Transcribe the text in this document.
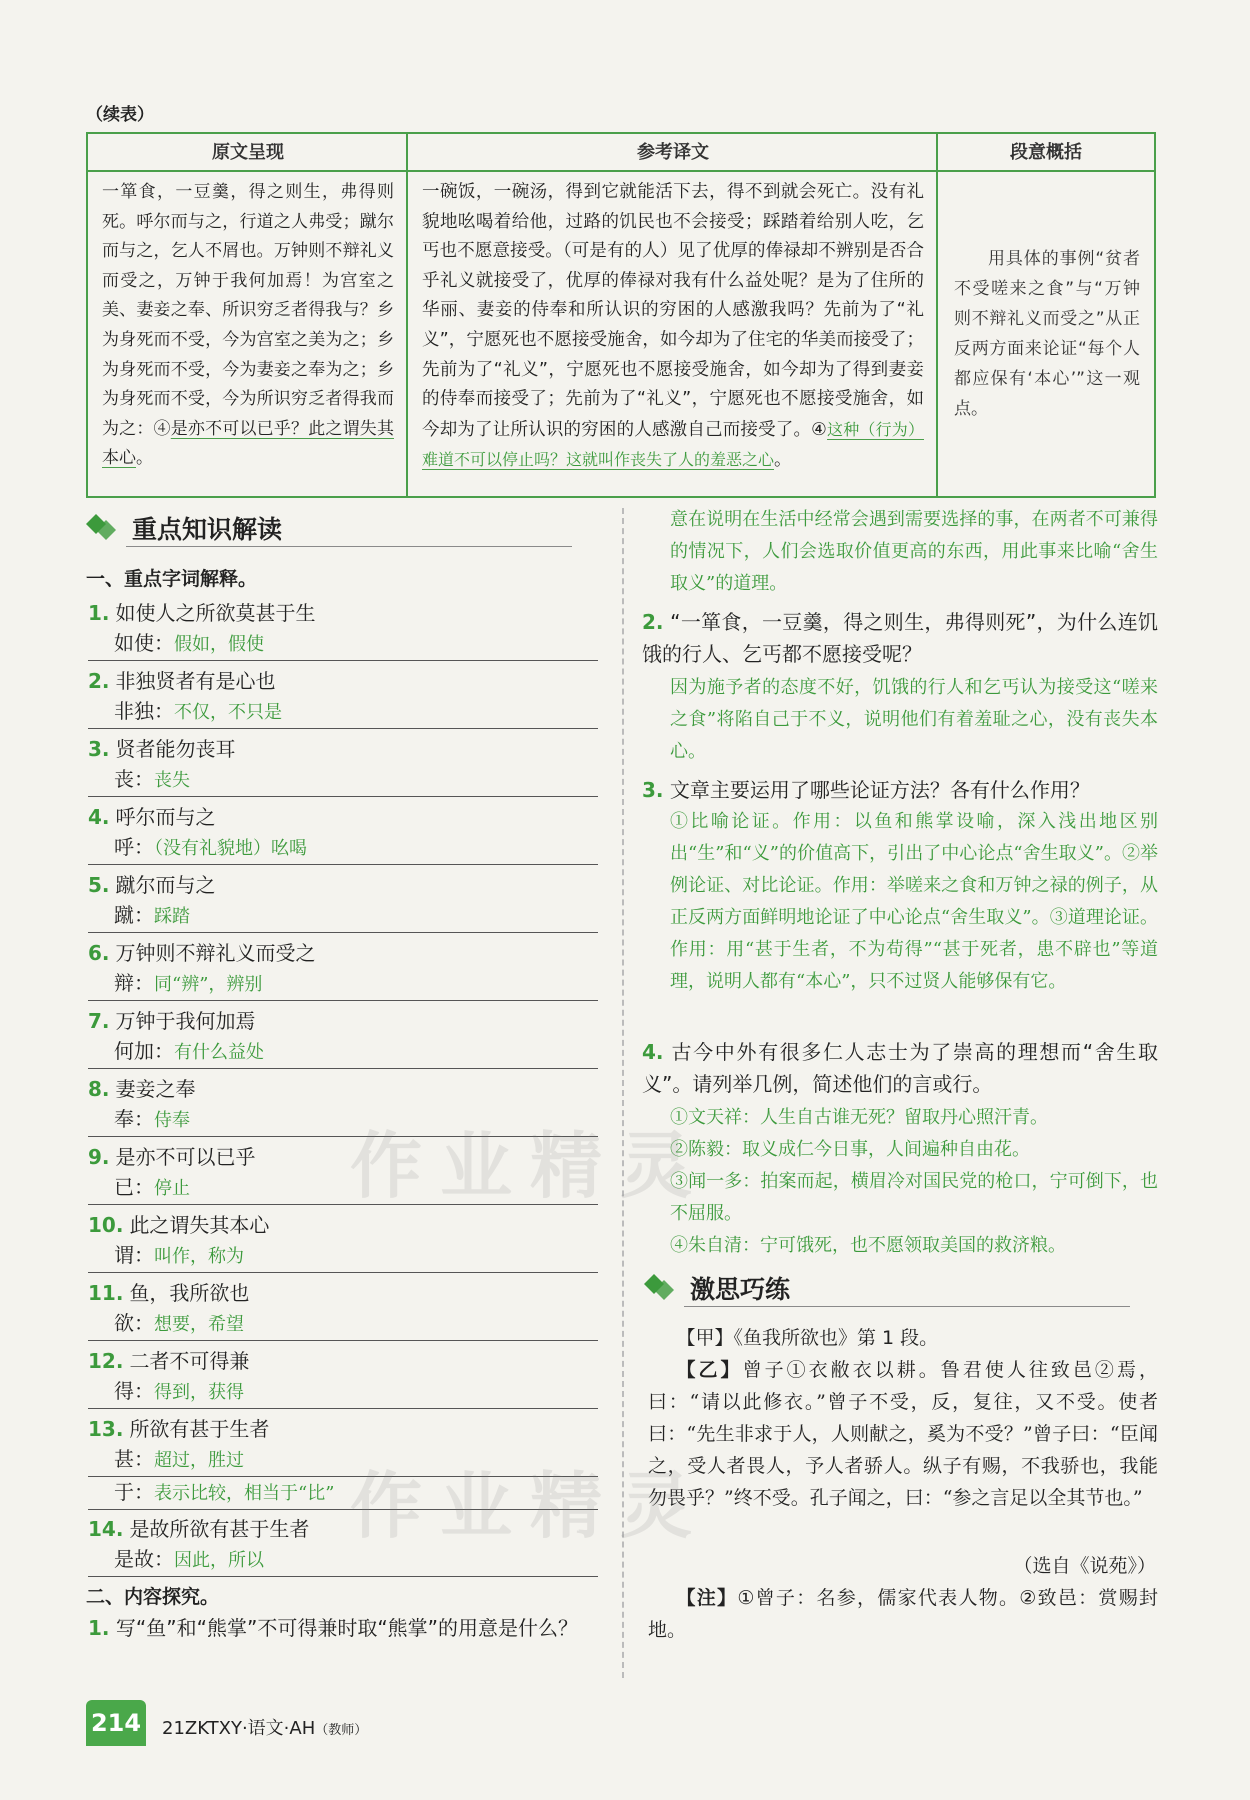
（续表）
原文呈现	参考译文	段意概括

一箪食，一豆羹，得之则生，弗得则死。呼尔而与之，行道之人弗受；蹴尔而与之，乞人不屑也。万钟则不辩礼义而受之，万钟于我何加焉！为宫室之美、妻妾之奉、所识穷乏者得我与？乡为身死而不受，今为宫室之美为之；乡为身死而不受，今为妻妾之奉为之；乡为身死而不受，今为所识穷乏者得我而为之：④是亦不可以已乎？此之谓失其本心。

一碗饭，一碗汤，得到它就能活下去，得不到就会死亡。没有礼貌地吆喝着给他，过路的饥民也不会接受；踩踏着给别人吃，乞丐也不愿意接受。（可是有的人）见了优厚的俸禄却不辨别是否合乎礼义就接受了，优厚的俸禄对我有什么益处呢？是为了住所的华丽、妻妾的侍奉和所认识的穷困的人感激我吗？先前为了“礼义”，宁愿死也不愿接受施舍，如今却为了住宅的华美而接受了；先前为了“礼义”，宁愿死也不愿接受施舍，如今却为了得到妻妾的侍奉而接受了；先前为了“礼义”，宁愿死也不愿接受施舍，如今却为了让所认识的穷困的人感激自己而接受了。④这种（行为）难道不可以停止吗？这就叫作丧失了人的羞恶之心。

用具体的事例“贫者不受嗟来之食”与“万钟则不辩礼义而受之”从正反两方面来论证“每个人都应保有‘本心’”这一观点。

重点知识解读
一、重点字词解释。
1. 如使人之所欲莫甚于生
如使：假如，假使
2. 非独贤者有是心也
非独：不仅，不只是
3. 贤者能勿丧耳
丧：丧失
4. 呼尔而与之
呼：（没有礼貌地）吆喝
5. 蹴尔而与之
蹴：踩踏
6. 万钟则不辩礼义而受之
辩：同“辨”，辨别
7. 万钟于我何加焉
何加：有什么益处
8. 妻妾之奉
奉：侍奉
9. 是亦不可以已乎
已：停止
10. 此之谓失其本心
谓：叫作，称为
11. 鱼，我所欲也
欲：想要，希望
12. 二者不可得兼
得：得到，获得
13. 所欲有甚于生者
甚：超过，胜过
于：表示比较，相当于“比”
14. 是故所欲有甚于生者
是故：因此，所以
二、内容探究。
1. 写“鱼”和“熊掌”不可得兼时取“熊掌”的用意是什么？
意在说明在生活中经常会遇到需要选择的事，在两者不可兼得的情况下，人们会选取价值更高的东西，用此事来比喻“舍生取义”的道理。
2. “一箪食，一豆羹，得之则生，弗得则死”，为什么连饥饿的行人、乞丐都不愿接受呢？
因为施予者的态度不好，饥饿的行人和乞丐认为接受这“嗟来之食”将陷自己于不义，说明他们有着羞耻之心，没有丧失本心。
3. 文章主要运用了哪些论证方法？各有什么作用？
①比喻论证。作用：以鱼和熊掌设喻，深入浅出地区别出“生”和“义”的价值高下，引出了中心论点“舍生取义”。②举例论证、对比论证。作用：举嗟来之食和万钟之禄的例子，从正反两方面鲜明地论证了中心论点“舍生取义”。③道理论证。作用：用“甚于生者，不为苟得”“甚于死者，患不辟也”等道理，说明人都有“本心”，只不过贤人能够保有它。
4. 古今中外有很多仁人志士为了崇高的理想而“舍生取义”。请列举几例，简述他们的言或行。
①文天祥：人生自古谁无死？留取丹心照汗青。
②陈毅：取义成仁今日事，人间遍种自由花。
③闻一多：拍案而起，横眉冷对国民党的枪口，宁可倒下，也不屈服。
④朱自清：宁可饿死，也不愿领取美国的救济粮。
激思巧练
【甲】《鱼我所欲也》第 1 段。
【乙】曾子①衣敝衣以耕。鲁君使人往致邑②焉，曰：“请以此修衣。”曾子不受，反，复往，又不受。使者曰：“先生非求于人，人则献之，奚为不受？”曾子曰：“臣闻之，受人者畏人，予人者骄人。纵子有赐，不我骄也，我能勿畏乎？”终不受。孔子闻之，曰：“参之言足以全其节也。”
（选自《说苑》）
【注】①曾子：名参，儒家代表人物。②致邑：赏赐封地。
作业精灵
作业精灵
214 21ZKTXY·语文·AH（教师）
